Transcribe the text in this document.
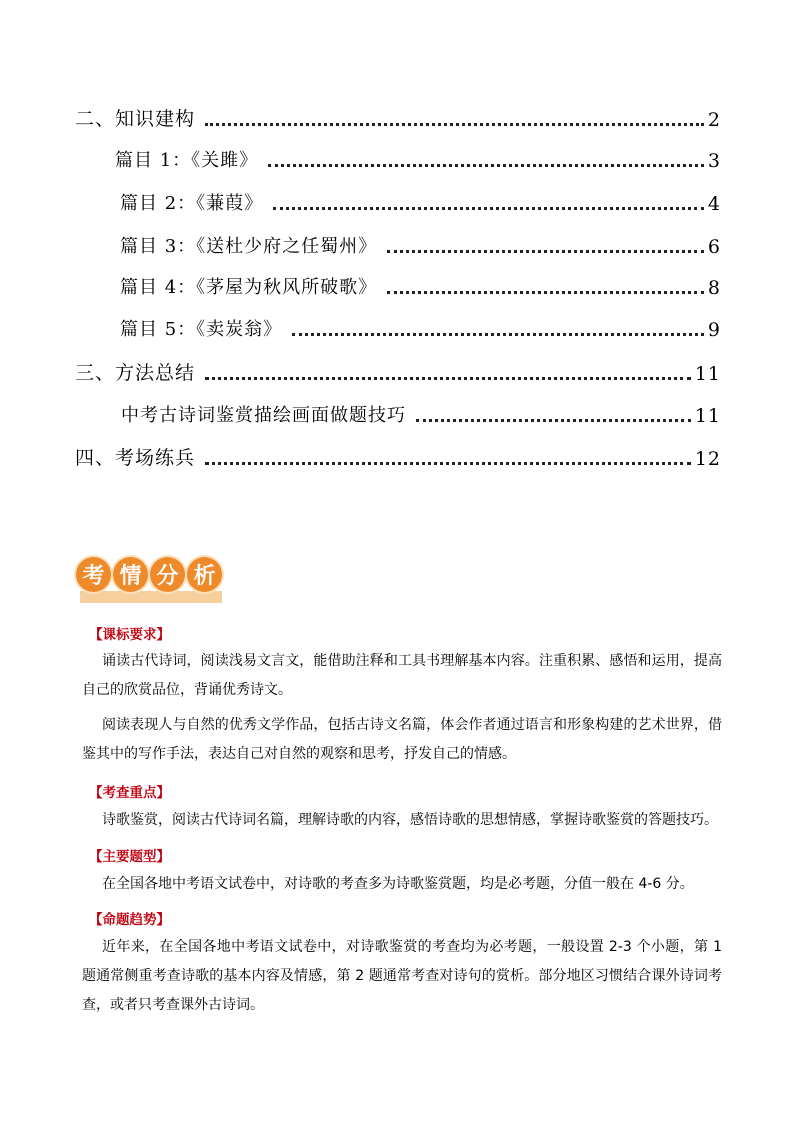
二、知识建构	2
篇目 1：《关雎》	3
篇目 2：《蒹葭》	4
篇目 3：《送杜少府之任蜀州》	6
篇目 4：《茅屋为秋风所破歌》	8
篇目 5：《卖炭翁》	9
三、方法总结	11
中考古诗词鉴赏描绘画面做题技巧	11
四、考场练兵	12
考 情 分 析
【课标要求】
诵读古代诗词，阅读浅易文言文，能借助注释和工具书理解基本内容。注重积累、感悟和运用，提高自己的欣赏品位，背诵优秀诗文。
阅读表现人与自然的优秀文学作品，包括古诗文名篇，体会作者通过语言和形象构建的艺术世界，借鉴其中的写作手法，表达自己对自然的观察和思考，抒发自己的情感。
【考查重点】
诗歌鉴赏，阅读古代诗词名篇，理解诗歌的内容，感悟诗歌的思想情感，掌握诗歌鉴赏的答题技巧。
【主要题型】
在全国各地中考语文试卷中，对诗歌的考查多为诗歌鉴赏题，均是必考题，分值一般在 4-6 分。
【命题趋势】
近年来，在全国各地中考语文试卷中，对诗歌鉴赏的考查均为必考题，一般设置 2-3 个小题，第 1 题通常侧重考查诗歌的基本内容及情感，第 2 题通常考查对诗句的赏析。部分地区习惯结合课外诗词考查，或者只考查课外古诗词。
